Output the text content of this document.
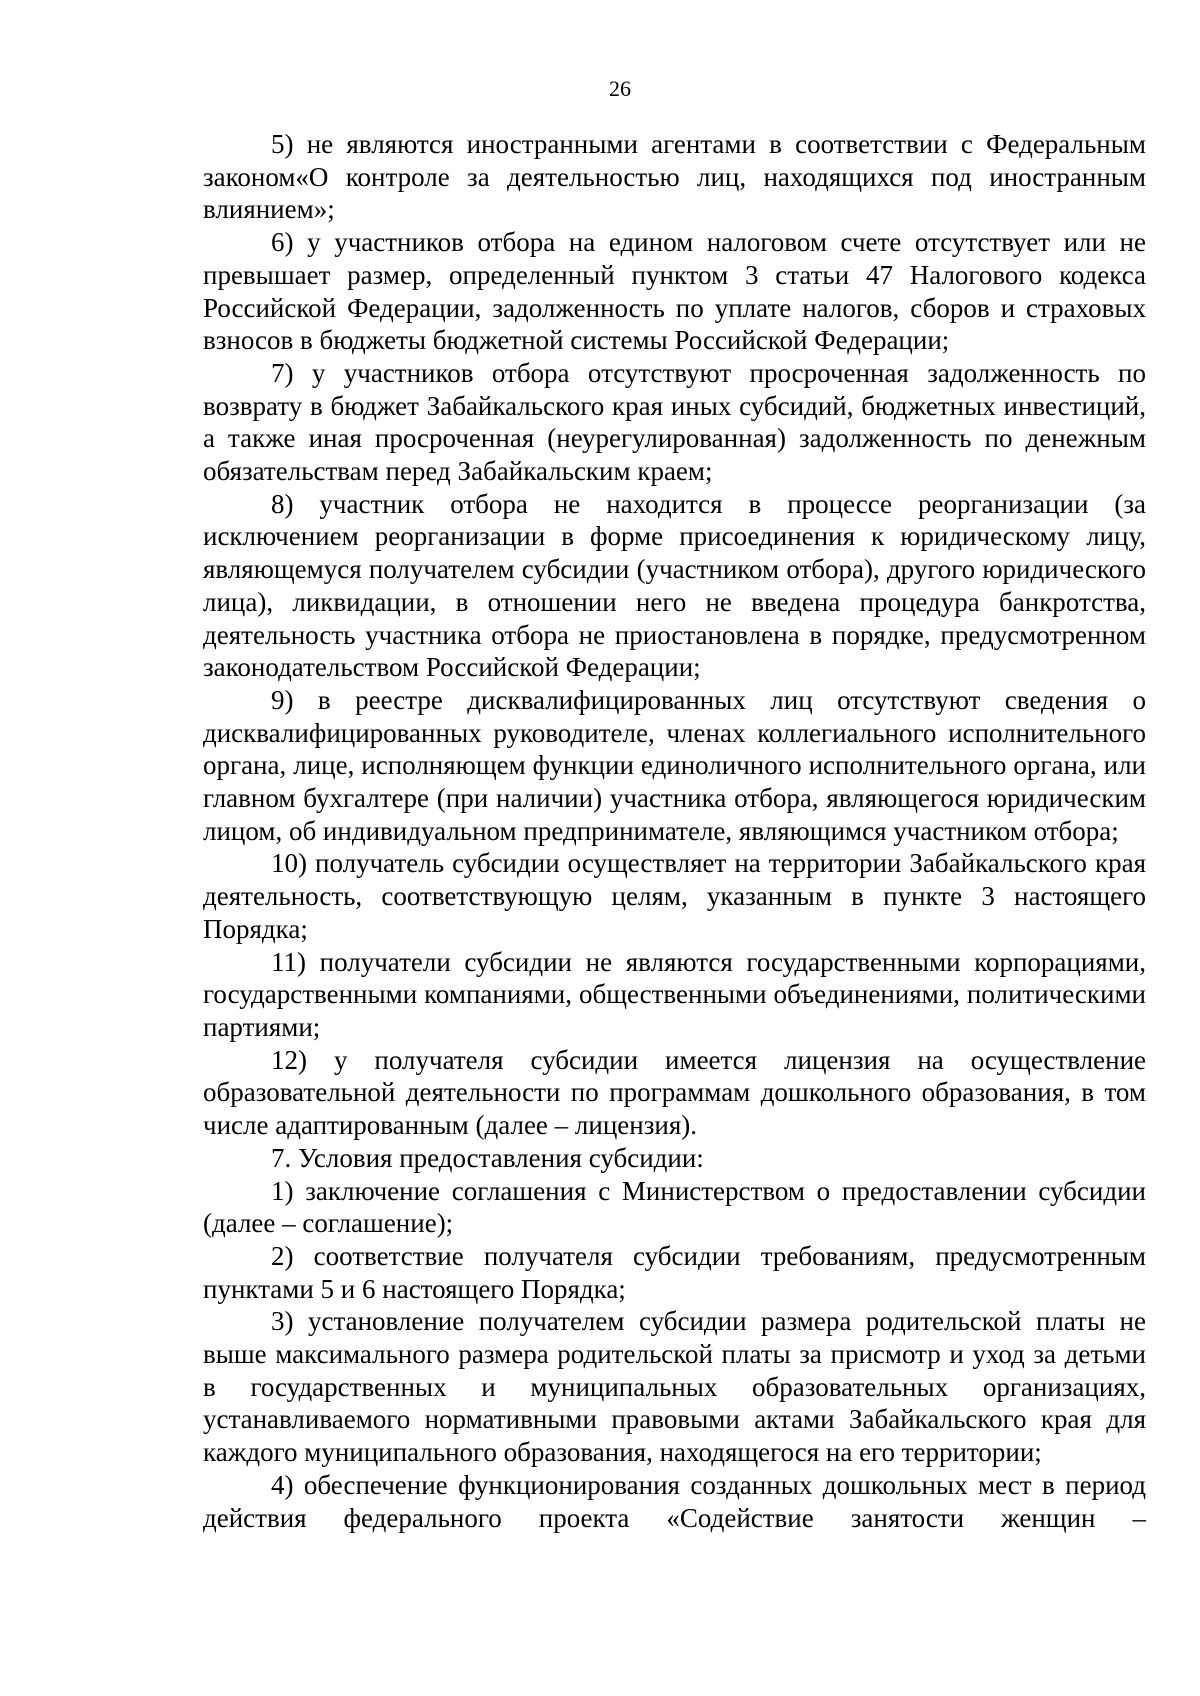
26

5) не являются иностранными агентами в соответствии с Федеральным законом«О контроле за деятельностью лиц, находящихся под иностранным влиянием»;

6) у участников отбора на едином налоговом счете отсутствует или не превышает размер, определенный пунктом 3 статьи 47 Налогового кодекса Российской Федерации, задолженность по уплате налогов, сборов и страховых взносов в бюджеты бюджетной системы Российской Федерации;

7) у участников отбора отсутствуют просроченная задолженность по возврату в бюджет Забайкальского края иных субсидий, бюджетных инвестиций, а также иная просроченная (неурегулированная) задолженность по денежным обязательствам перед Забайкальским краем;

8) участник отбора не находится в процессе реорганизации (за исключением реорганизации в форме присоединения к юридическому лицу, являющемуся получателем субсидии (участником отбора), другого юридического лица), ликвидации, в отношении него не введена процедура банкротства, деятельность участника отбора не приостановлена в порядке, предусмотренном законодательством Российской Федерации;

9) в реестре дисквалифицированных лиц отсутствуют сведения о дисквалифицированных руководителе, членах коллегиального исполнительного органа, лице, исполняющем функции единоличного исполнительного органа, или главном бухгалтере (при наличии) участника отбора, являющегося юридическим лицом, об индивидуальном предпринимателе, являющимся участником отбора;

10) получатель субсидии осуществляет на территории Забайкальского края деятельность, соответствующую целям, указанным в пункте 3 настоящего Порядка;

11) получатели субсидии не являются государственными корпорациями, государственными компаниями, общественными объединениями, политическими партиями;

12) у получателя субсидии имеется лицензия на осуществление образовательной деятельности по программам дошкольного образования, в том числе адаптированным (далее – лицензия).

7. Условия предоставления субсидии:

1) заключение соглашения с Министерством о предоставлении субсидии (далее – соглашение);

2) соответствие получателя субсидии требованиям, предусмотренным пунктами 5 и 6 настоящего Порядка;

3) установление получателем субсидии размера родительской платы не выше максимального размера родительской платы за присмотр и уход за детьми в государственных и муниципальных образовательных организациях, устанавливаемого нормативными правовыми актами Забайкальского края для каждого муниципального образования, находящегося на его территории;

4) обеспечение функционирования созданных дошкольных мест в период действия федерального проекта «Содействие занятости женщин –
